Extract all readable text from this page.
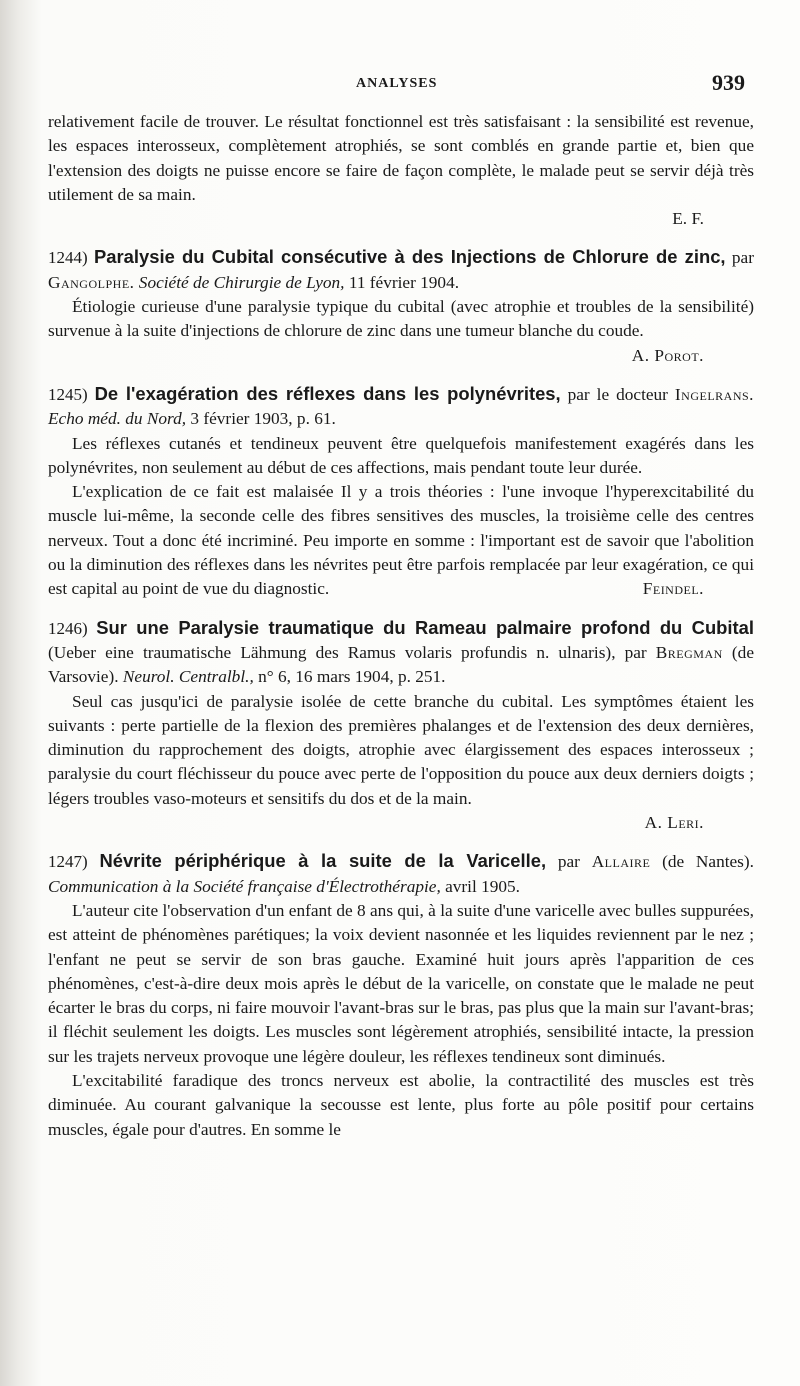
ANALYSES	939

relativement facile de trouver. Le résultat fonctionnel est très satisfaisant : la sensibilité est revenue, les espaces interosseux, complètement atrophiés, se sont comblés en grande partie et, bien que l'extension des doigts ne puisse encore se faire de façon complète, le malade peut se servir déjà très utilement de sa main.

E. F.

1244) Paralysie du Cubital consécutive à des Injections de Chlorure de zinc, par Gangolphe. Société de Chirurgie de Lyon, 11 février 1904.

Étiologie curieuse d'une paralysie typique du cubital (avec atrophie et troubles de la sensibilité) survenue à la suite d'injections de chlorure de zinc dans une tumeur blanche du coude.
A. Porot.

1245) De l'exagération des réflexes dans les polynévrites, par le docteur Ingelrans. Echo méd. du Nord, 3 février 1903, p. 61.

Les réflexes cutanés et tendineux peuvent être quelquefois manifestement exagérés dans les polynévrites, non seulement au début de ces affections, mais pendant toute leur durée.

L'explication de ce fait est malaisée Il y a trois théories : l'une invoque l'hyperexcitabilité du muscle lui-même, la seconde celle des fibres sensitives des muscles, la troisième celle des centres nerveux. Tout a donc été incriminé. Peu importe en somme : l'important est de savoir que l'abolition ou la diminution des réflexes dans les névrites peut être parfois remplacée par leur exagération, ce qui est capital au point de vue du diagnostic.	Feindel.

1246) Sur une Paralysie traumatique du Rameau palmaire profond du Cubital (Ueber eine traumatische Lähmung des Ramus volaris profundis n. ulnaris), par Bregman (de Varsovie). Neurol. Centralbl., n° 6, 16 mars 1904, p. 251.

Seul cas jusqu'ici de paralysie isolée de cette branche du cubital. Les symptômes étaient les suivants : perte partielle de la flexion des premières phalanges et de l'extension des deux dernières, diminution du rapprochement des doigts, atrophie avec élargissement des espaces interosseux ; paralysie du court fléchisseur du pouce avec perte de l'opposition du pouce aux deux derniers doigts ; légers troubles vaso-moteurs et sensitifs du dos et de la main.

A. Leri.

1247) Névrite périphérique à la suite de la Varicelle, par Allaire (de Nantes). Communication à la Société française d'Électrothérapie, avril 1905.

L'auteur cite l'observation d'un enfant de 8 ans qui, à la suite d'une varicelle avec bulles suppurées, est atteint de phénomènes parétiques; la voix devient nasonnée et les liquides reviennent par le nez ; l'enfant ne peut se servir de son bras gauche. Examiné huit jours après l'apparition de ces phénomènes, c'est-à-dire deux mois après le début de la varicelle, on constate que le malade ne peut écarter le bras du corps, ni faire mouvoir l'avant-bras sur le bras, pas plus que la main sur l'avant-bras; il fléchit seulement les doigts. Les muscles sont légèrement atrophiés, sensibilité intacte, la pression sur les trajets nerveux provoque une légère douleur, les réflexes tendineux sont diminués.

L'excitabilité faradique des troncs nerveux est abolie, la contractilité des muscles est très diminuée. Au courant galvanique la secousse est lente, plus forte au pôle positif pour certains muscles, égale pour d'autres. En somme le
